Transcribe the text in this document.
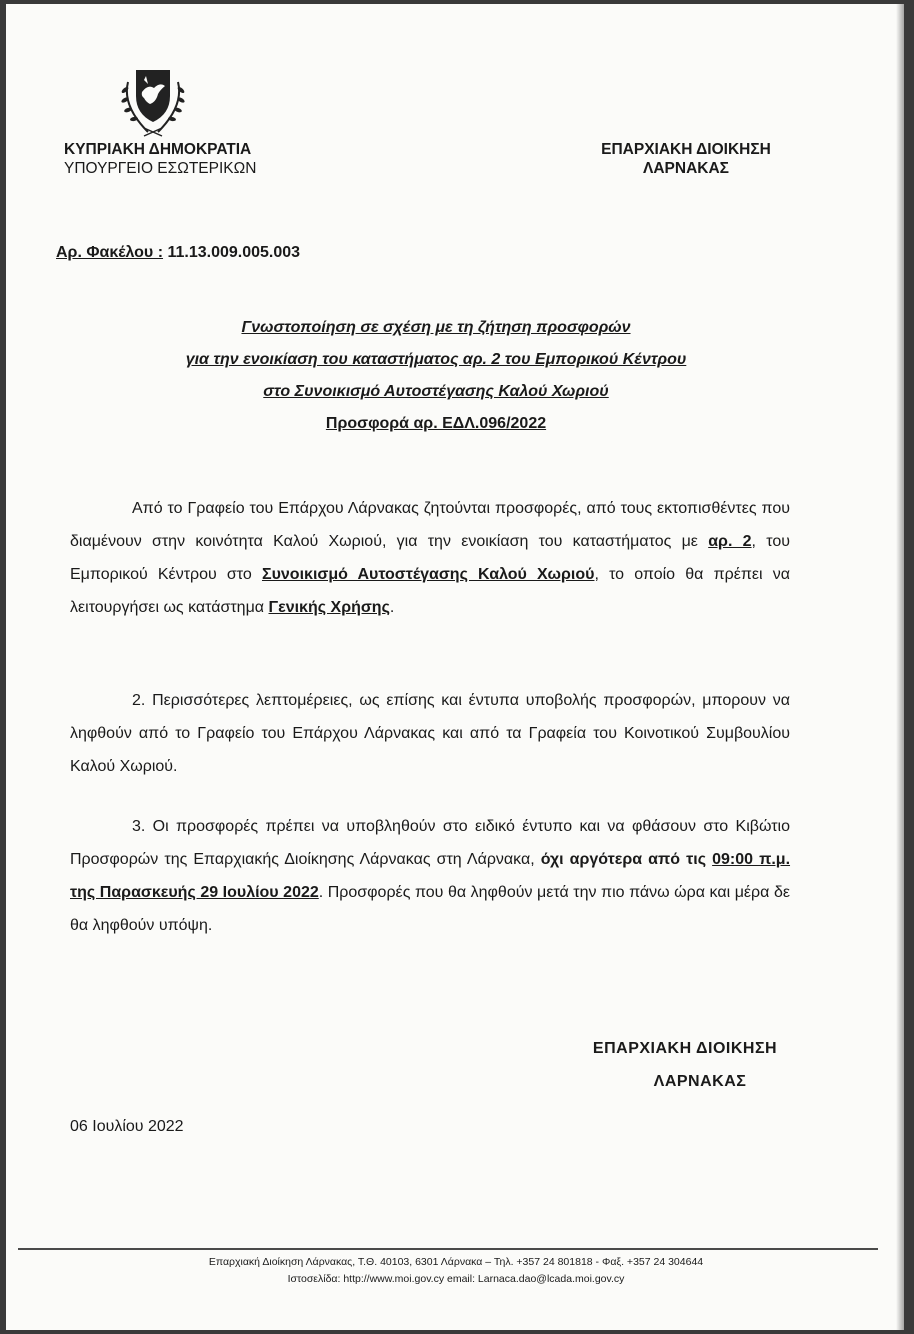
ΚΥΠΡΙΑΚΗ ΔΗΜΟΚΡΑΤΙΑ
ΥΠΟΥΡΓΕΙΟ ΕΣΩΤΕΡΙΚΩΝ
ΕΠΑΡΧΙΑΚΗ ΔΙΟΙΚΗΣΗ
ΛΑΡΝΑΚΑΣ
Αρ. Φακέλου : 11.13.009.005.003
Γνωστοποίηση σε σχέση με τη ζήτηση προσφορών
για την ενοικίαση του καταστήματος αρ. 2 του Εμπορικού Κέντρου
στο Συνοικισμό Αυτοστέγασης Καλού Χωριού
Προσφορά αρ. ΕΔΛ.096/2022
Από το Γραφείο του Επάρχου Λάρνακας ζητούνται προσφορές, από τους εκτοπισθέντες που διαμένουν στην κοινότητα Καλού Χωριού, για την ενοικίαση του καταστήματος με αρ. 2, του Εμπορικού Κέντρου στο Συνοικισμό Αυτοστέγασης Καλού Χωριού, το οποίο θα πρέπει να λειτουργήσει ως κατάστημα Γενικής Χρήσης.
2. Περισσότερες λεπτομέρειες, ως επίσης και έντυπα υποβολής προσφορών, μπορουν να ληφθούν από το Γραφείο του Επάρχου Λάρνακας και από τα Γραφεία του Κοινοτικού Συμβουλίου Καλού Χωριού.
3. Οι προσφορές πρέπει να υποβληθούν στο ειδικό έντυπο και να φθάσουν στο Κιβώτιο Προσφορών της Επαρχιακής Διοίκησης Λάρνακας στη Λάρνακα, όχι αργότερα από τις 09:00 π.μ. της Παρασκευής 29 Ιουλίου 2022. Προσφορές που θα ληφθούν μετά την πιο πάνω ώρα και μέρα δε θα ληφθούν υπόψη.
ΕΠΑΡΧΙΑΚΗ ΔΙΟΙΚΗΣΗ
ΛΑΡΝΑΚΑΣ
06 Ιουλίου 2022
Επαρχιακή Διοίκηση Λάρνακας, Τ.Θ. 40103, 6301 Λάρνακα – Τηλ. +357 24 801818 - Φαξ. +357 24 304644
Ιστοσελίδα: http://www.moi.gov.cy email: Larnaca.dao@lcada.moi.gov.cy
